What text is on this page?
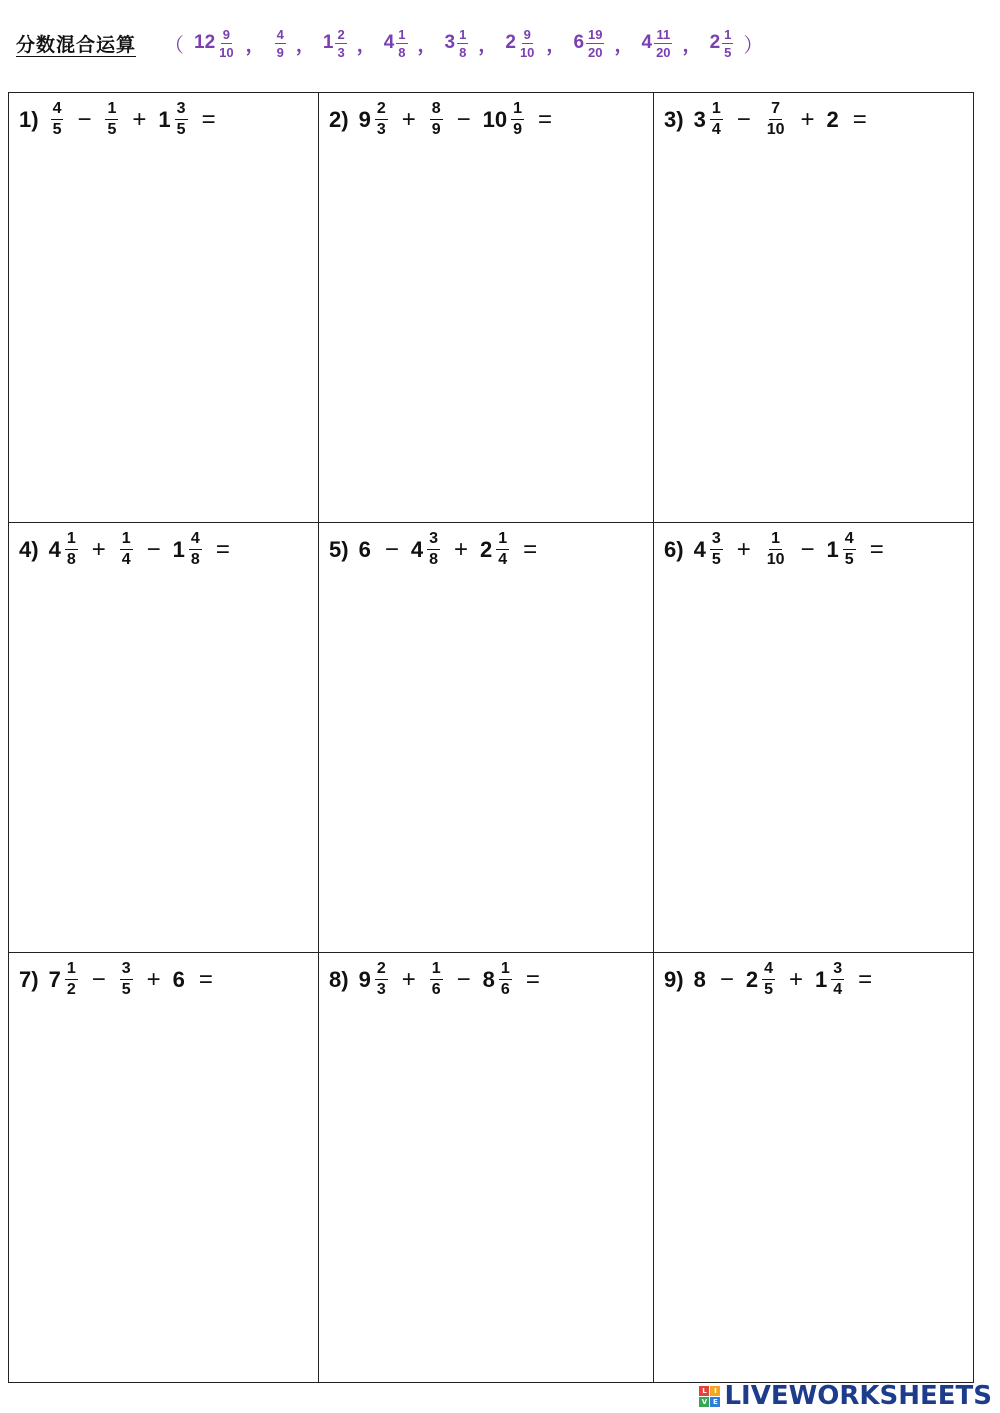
分数混合运算	（ $12 \frac{9}{10}$ ， $\frac{4}{9}$ ， $1 \frac{2}{3}$ ， $4 \frac{1}{8}$ ， $3 \frac{1}{8}$ ， $2 \frac{9}{10}$ ， $6 \frac{19}{20}$ ， $4 \frac{11}{20}$ ， $2 \frac{1}{5}$ ）
$1) \frac{4}{5} - \frac{1}{5} + 1 \frac{3}{5}$ =	2) $9 \frac{2}{3} + \frac{8}{9} - 10 \frac{1}{9}$ =	3) $3 \frac{1}{4} - \frac{7}{10} + 2$ =
4) $4 \frac{1}{8} + \frac{1}{4} - 1 \frac{4}{8}$ =	5) $6 - 4 \frac{3}{8} + 2 \frac{1}{4}$ =	6) $4 \frac{3}{5} + \frac{1}{10} - 1 \frac{4}{5}$ =
7) $7 \frac{1}{2} - \frac{3}{5} + 6$ =	8) $9 \frac{2}{3} + \frac{1}{6} - 8 \frac{1}{6}$ =	9) $8 - 2 \frac{4}{5} + 1 \frac{3}{4}$ =
L	I
V E LIVEWORKSHEETS
